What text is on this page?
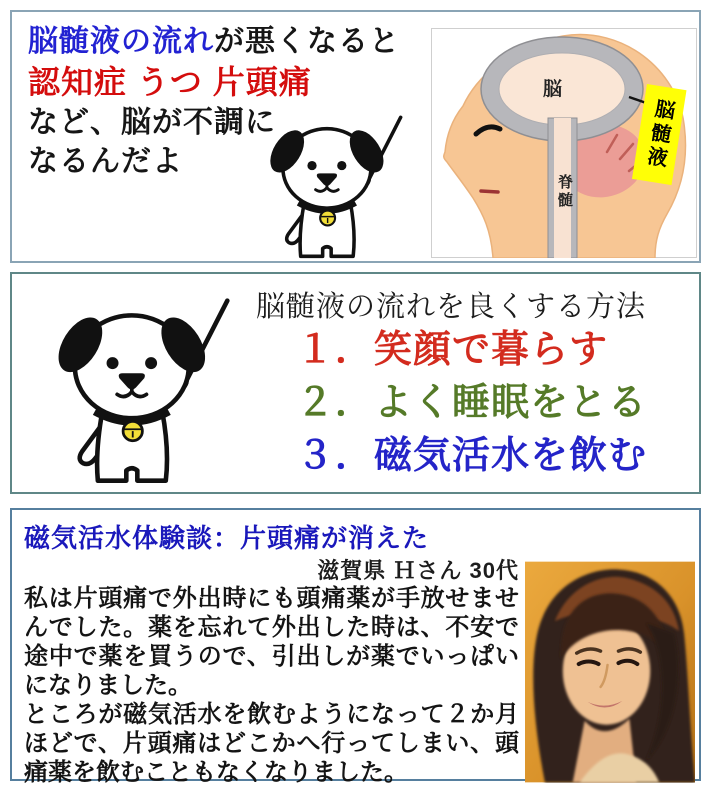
脳髄液の流れが悪くなると
認知症 うつ 片頭痛
など、脳が不調に
なるんだよ
脳
脊髄
脳髄液
脳髄液の流れを良くする方法
１．笑顔で暮らす
２．よく睡眠をとる
３．磁気活水を飲む
磁気活水体験談：片頭痛が消えた
滋賀県 Ｈさん 30代

私は片頭痛で外出時にも頭痛薬が手放せませんでした。薬を忘れて外出した時は、不安で途中で薬を買うので、引出しが薬でいっぱいになりました。

ところが磁気活水を飲むようになって２か月ほどで、片頭痛はどこかへ行ってしまい、頭痛薬を飲むこともなくなりました。
